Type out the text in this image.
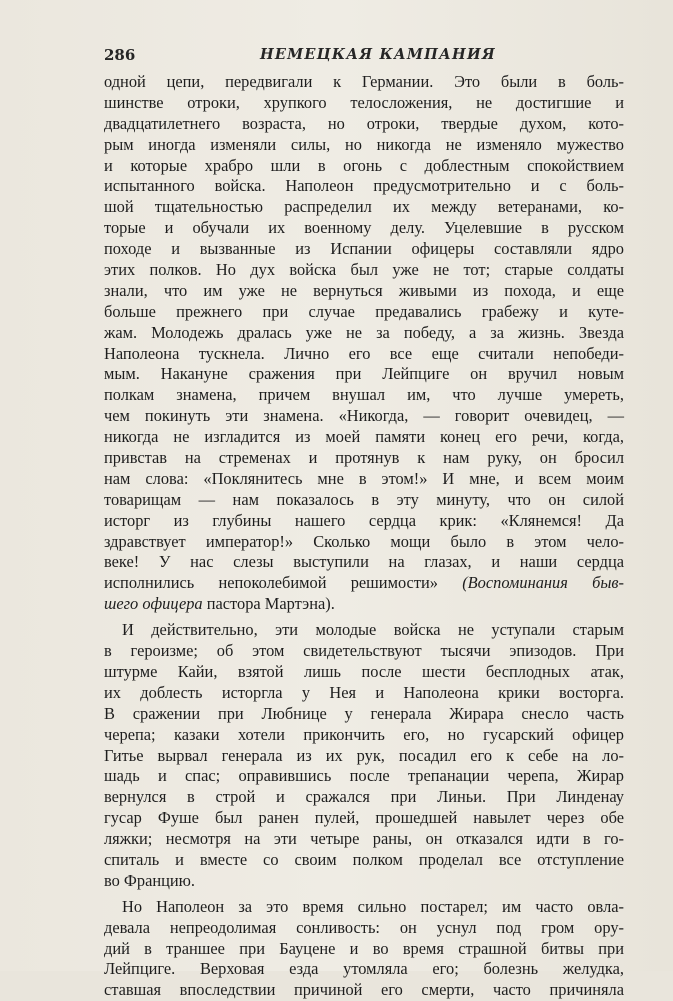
286	НЕМЕЦКАЯ КАМПАНИЯ
одной цепи, передвигали к Германии. Это были в боль-
шинстве отроки, хрупкого телосложения, не достигшие и
двадцатилетнего возраста, но отроки, твердые духом, кото-
рым иногда изменяли силы, но никогда не изменяло мужество
и которые храбро шли в огонь с доблестным спокойствием
испытанного войска. Наполеон предусмотрительно и с боль-
шой тщательностью распределил их между ветеранами, ко-
торые и обучали их военному делу. Уцелевшие в русском
походе и вызванные из Испании офицеры составляли ядро
этих полков. Но дух войска был уже не тот; старые солдаты
знали, что им уже не вернуться живыми из похода, и еще
больше прежнего при случае предавались грабежу и куте-
жам. Молодежь дралась уже не за победу, а за жизнь. Звезда
Наполеона тускнела. Лично его все еще считали непобеди-
мым. Накануне сражения при Лейпциге он вручил новым
полкам знамена, причем внушал им, что лучше умереть,
чем покинуть эти знамена. «Никогда, — говорит очевидец, —
никогда не изгладится из моей памяти конец его речи, когда,
привстав на стременах и протянув к нам руку, он бросил
нам слова: «Поклянитесь мне в этом!» И мне, и всем моим
товарищам — нам показалось в эту минуту, что он силой
исторг из глубины нашего сердца крик: «Клянемся! Да
здравствует император!» Сколько мощи было в этом чело-
веке! У нас слезы выступили на глазах, и наши сердца
исполнились непоколебимой решимости» (Воспоминания быв-
шего офицера пастора Мартэна).
И действительно, эти молодые войска не уступали старым
в героизме; об этом свидетельствуют тысячи эпизодов. При
штурме Кайи, взятой лишь после шести бесплодных атак,
их доблесть исторгла у Нея и Наполеона крики восторга.
В сражении при Любнице у генерала Жирара снесло часть
черепа; казаки хотели прикончить его, но гусарский офицер
Гитье вырвал генерала из их рук, посадил его к себе на ло-
шадь и спас; оправившись после трепанации черепа, Жирар
вернулся в строй и сражался при Линьи. При Линденау
гусар Фуше был ранен пулей, прошедшей навылет через обе
ляжки; несмотря на эти четыре раны, он отказался идти в го-
спиталь и вместе со своим полком проделал все отступление
во Францию.
Но Наполеон за это время сильно постарел; им часто овла-
девала непреодолимая сонливость: он уснул под гром ору-
дий в траншее при Бауцене и во время страшной битвы при
Лейпциге. Верховая езда утомляла его; болезнь желудка,
ставшая впоследствии причиной его смерти, часто причиняла
